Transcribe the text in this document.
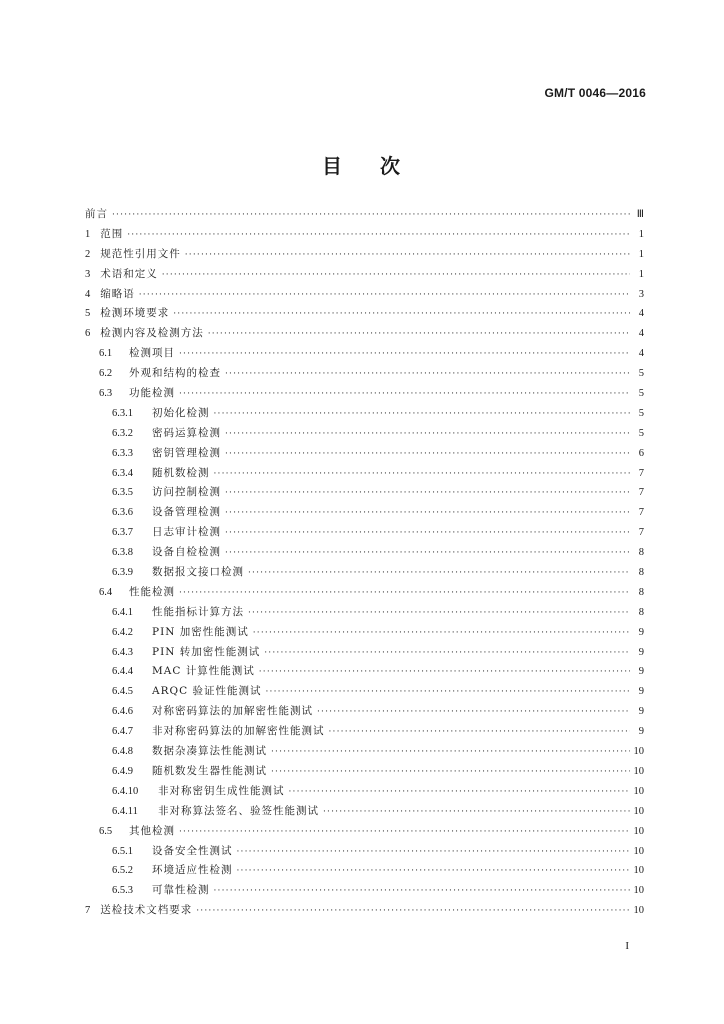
GM/T 0046—2016
目 次
前言 ·····	Ⅲ
1 范围 ·····	1
2 规范性引用文件 ·····	1
3 术语和定义 ·····	1
4 缩略语 ·····	3
5 检测环境要求 ·····	4
6 检测内容及检测方法 ·····	4
6.1	检测项目 ·····	4
6.2	外观和结构的检查 ·····	5
6.3	功能检测 ·····	5
6.3.1	初始化检测 ·····	5
6.3.2	密码运算检测 ·····	5
6.3.3	密钥管理检测 ·····	6
6.3.4	随机数检测 ·····	7
6.3.5	访问控制检测 ·····	7
6.3.6	设备管理检测 ·····	7
6.3.7	日志审计检测 ·····	7
6.3.8	设备自检检测 ·····	8
6.3.9	数据报文接口检测 ·····	8
6.4	性能检测 ·····	8
6.4.1	性能指标计算方法 ·····	8
6.4.2	PIN 加密性能测试 ·····	9
6.4.3	PIN 转加密性能测试 ·····	9
6.4.4	MAC 计算性能测试 ·····	9
6.4.5	ARQC 验证性能测试 ·····	9
6.4.6	对称密码算法的加解密性能测试 ·····	9
6.4.7	非对称密码算法的加解密性能测试 ·····	9
6.4.8	数据杂凑算法性能测试 ·····	10
6.4.9	随机数发生器性能测试 ·····	10
6.4.10	非对称密钥生成性能测试 ·····	10
6.4.11	非对称算法签名、验签性能测试 ·····	10
6.5	其他检测 ·····	10
6.5.1	设备安全性测试 ·····	10
6.5.2	环境适应性检测 ·····	10
6.5.3	可靠性检测 ·····	10
7 送检技术文档要求 ·····	10
I
